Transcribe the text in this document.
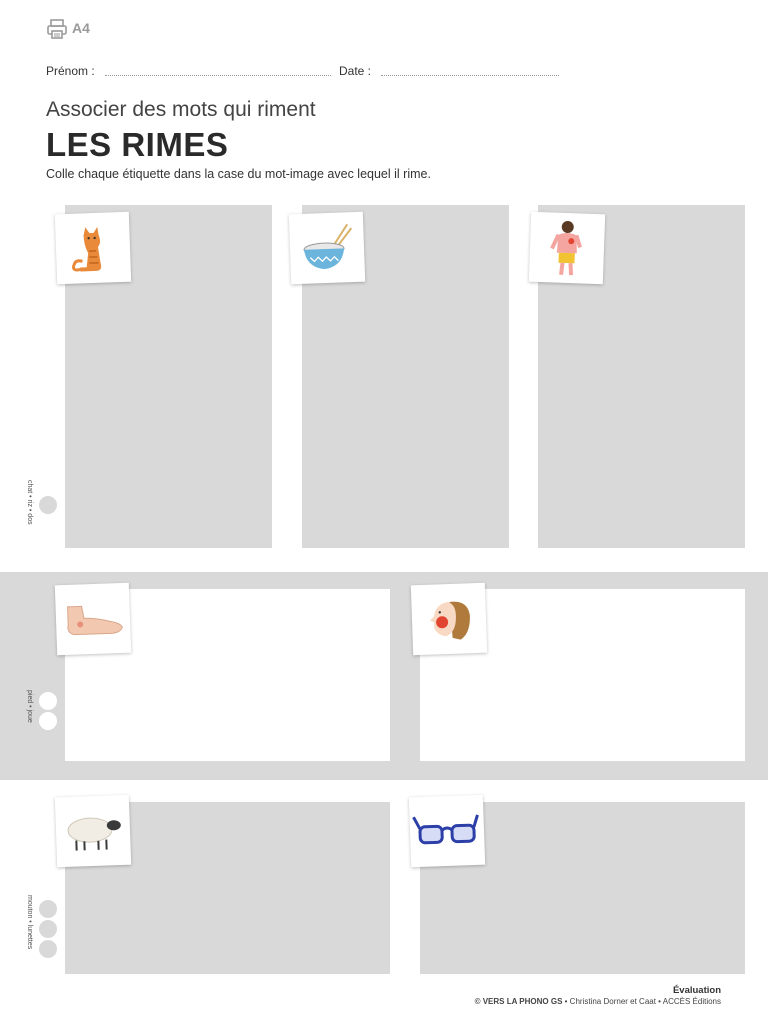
A4
Prénom :	Date :
Associer des mots qui riment
LES RIMES
Colle chaque étiquette dans la case du mot-image avec lequel il rime.
chat • riz • dos
pied • joue
mouton • lunettes
Évaluation
© VERS LA PHONO GS • Christina Dorner et Caat • ACCÈS Éditions
